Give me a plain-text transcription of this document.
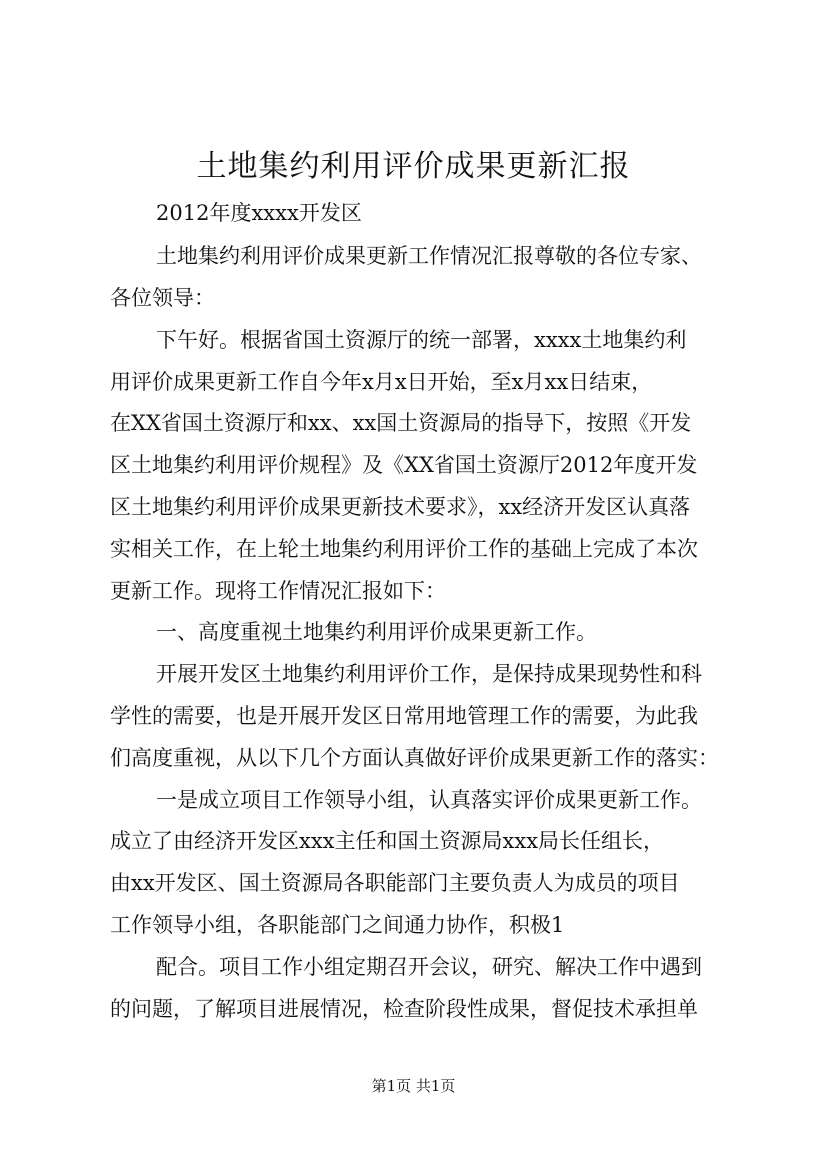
土地集约利用评价成果更新汇报

2012年度xxxx开发区

土地集约利用评价成果更新工作情况汇报尊敬的各位专家、

各位领导：

下午好。根据省国土资源厅的统一部署，xxxx土地集约利

用评价成果更新工作自今年x月x日开始，至x月xx日结束，

在XX省国土资源厅和xx、xx国土资源局的指导下，按照《开发

区土地集约利用评价规程》及《XX省国土资源厅2012年度开发

区土地集约利用评价成果更新技术要求》，xx经济开发区认真落

实相关工作，在上轮土地集约利用评价工作的基础上完成了本次

更新工作。现将工作情况汇报如下：

一、高度重视土地集约利用评价成果更新工作。

开展开发区土地集约利用评价工作，是保持成果现势性和科

学性的需要，也是开展开发区日常用地管理工作的需要，为此我

们高度重视，从以下几个方面认真做好评价成果更新工作的落实：

一是成立项目工作领导小组，认真落实评价成果更新工作。

成立了由经济开发区xxx主任和国土资源局xxx局长任组长，

由xx开发区、国土资源局各职能部门主要负责人为成员的项目

工作领导小组，各职能部门之间通力协作，积极1

配合。项目工作小组定期召开会议，研究、解决工作中遇到

的问题，了解项目进展情况，检查阶段性成果，督促技术承担单

第1页 共1页
